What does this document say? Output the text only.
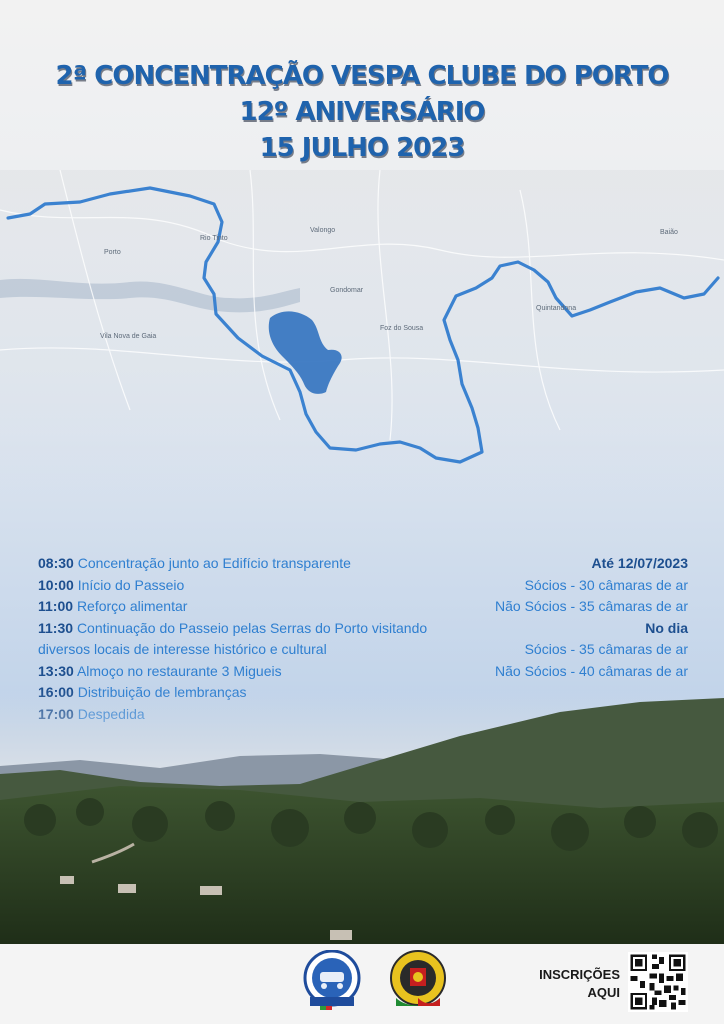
2ª CONCENTRAÇÃO VESPA CLUBE DO PORTO
12º ANIVERSÁRIO
15 JULHO 2023
Porto
Valongo
Gondomar
Vila Nova de Gaia
Quintandona
Baião
Rio Tinto
Foz do Sousa
08:30 Concentração junto ao Edifício transparente
10:00 Início do Passeio
11:00 Reforço alimentar
11:30 Continuação do Passeio pelas Serras do Porto visitando diversos locais de interesse histórico e cultural
13:30 Almoço no restaurante 3 Migueis
Até 12/07/2023
Sócios - 30 câmaras de ar
Não Sócios - 35 câmaras de ar
No dia
Sócios - 35 câmaras de ar
Não Sócios - 40 câmaras de ar
INSCRIÇÕES
AQUI
